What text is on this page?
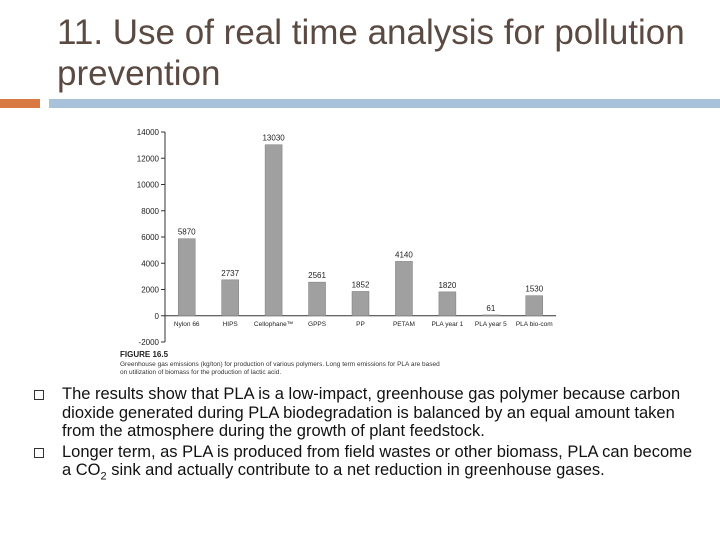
11. Use of real time analysis for pollution prevention
-2000
0
2000
4000
6000
8000
10000
12000
14000
5870
Nylon 66
2737
HIPS
13030
Cellophane™
2561
GPPS
1852
PP
4140
PETAM
1820
PLA year 1
61
PLA year 5
1530
PLA bio-com
FIGURE 16.5
Greenhouse gas emissions (kg/ton) for production of various polymers. Long term emissions for PLA are based on utilization of biomass for the production of lactic acid.
The results show that PLA is a low-impact, greenhouse gas polymer because carbon dioxide generated during PLA biodegradation is balanced by an equal amount taken from the atmosphere during the growth of plant feedstock.
Longer term, as PLA is produced from field wastes or other biomass, PLA can become a $CO_2$ sink and actually contribute to a net reduction in greenhouse gases.
